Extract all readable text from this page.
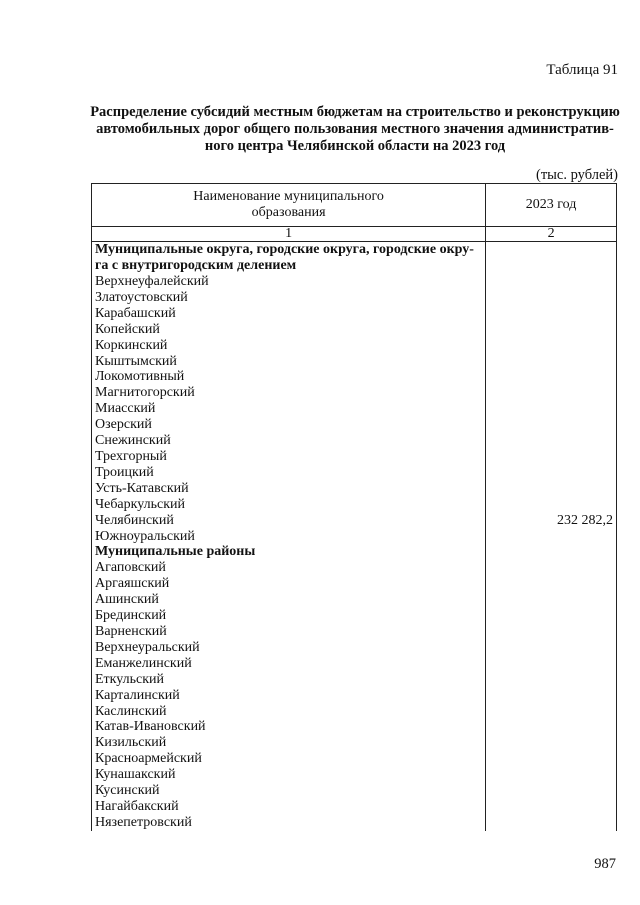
Таблица 91
Распределение субсидий местным бюджетам на строительство и реконструкцию
автомобильных дорог общего пользования местного значения административ-
ного центра Челябинской области на 2023 год
(тыс. рублей)
Наименование муниципального
образования	2023 год
1	2

Муниципальные округа, городские округа, городские окру-
га с внутригородским делением	

Верхнеуфалейский	
Златоустовский	
Карабашский	
Копейский	
Коркинский	
Кыштымский	
Локомотивный	
Магнитогорский	
Миасский	
Озерский	
Снежинский	
Трехгорный	
Троицкий	
Усть-Катавский	
Чебаркульский	
Челябинский	232 282,2
Южноуральский	

Муниципальные районы	

Агаповский	
Аргаяшский	
Ашинский	
Брединский	
Варненский	
Верхнеуральский	
Еманжелинский	
Еткульский	
Карталинский	
Каслинский	
Катав-Ивановский	
Кизильский	
Красноармейский	
Кунашакский	
Кусинский	
Нагайбакский	
Нязепетровский	
987
